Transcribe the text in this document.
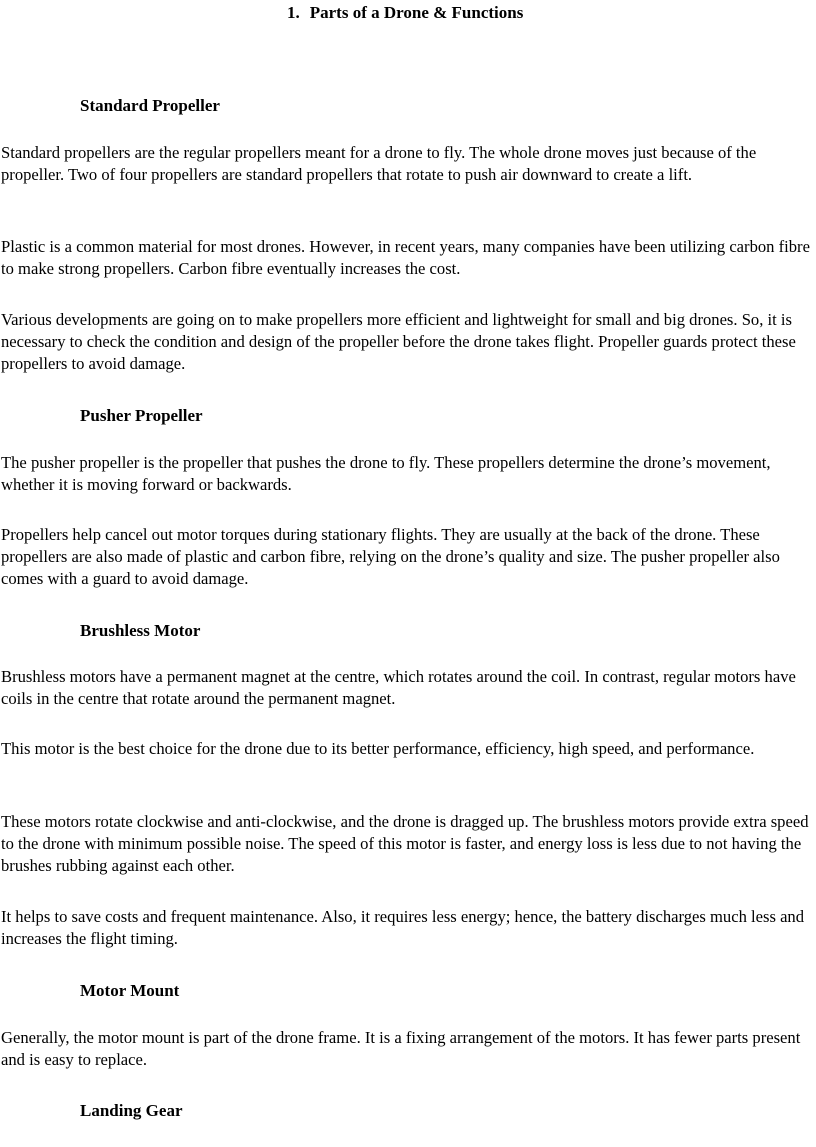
1. Parts of a Drone & Functions
Standard Propeller

Standard propellers are the regular propellers meant for a drone to fly. The whole drone moves just because of the propeller. Two of four propellers are standard propellers that rotate to push air downward to create a lift.

Plastic is a common material for most drones. However, in recent years, many companies have been utilizing carbon fibre to make strong propellers. Carbon fibre eventually increases the cost.

Various developments are going on to make propellers more efficient and lightweight for small and big drones. So, it is necessary to check the condition and design of the propeller before the drone takes flight. Propeller guards protect these propellers to avoid damage.

Pusher Propeller

The pusher propeller is the propeller that pushes the drone to fly. These propellers determine the drone’s movement, whether it is moving forward or backwards.

Propellers help cancel out motor torques during stationary flights. They are usually at the back of the drone. These propellers are also made of plastic and carbon fibre, relying on the drone’s quality and size. The pusher propeller also comes with a guard to avoid damage.

Brushless Motor

Brushless motors have a permanent magnet at the centre, which rotates around the coil. In contrast, regular motors have coils in the centre that rotate around the permanent magnet.

This motor is the best choice for the drone due to its better performance, efficiency, high speed, and performance.

These motors rotate clockwise and anti-clockwise, and the drone is dragged up. The brushless motors provide extra speed to the drone with minimum possible noise. The speed of this motor is faster, and energy loss is less due to not having the brushes rubbing against each other.

It helps to save costs and frequent maintenance. Also, it requires less energy; hence, the battery discharges much less and increases the flight timing.

Motor Mount

Generally, the motor mount is part of the drone frame. It is a fixing arrangement of the motors. It has fewer parts present and is easy to replace.

Landing Gear
